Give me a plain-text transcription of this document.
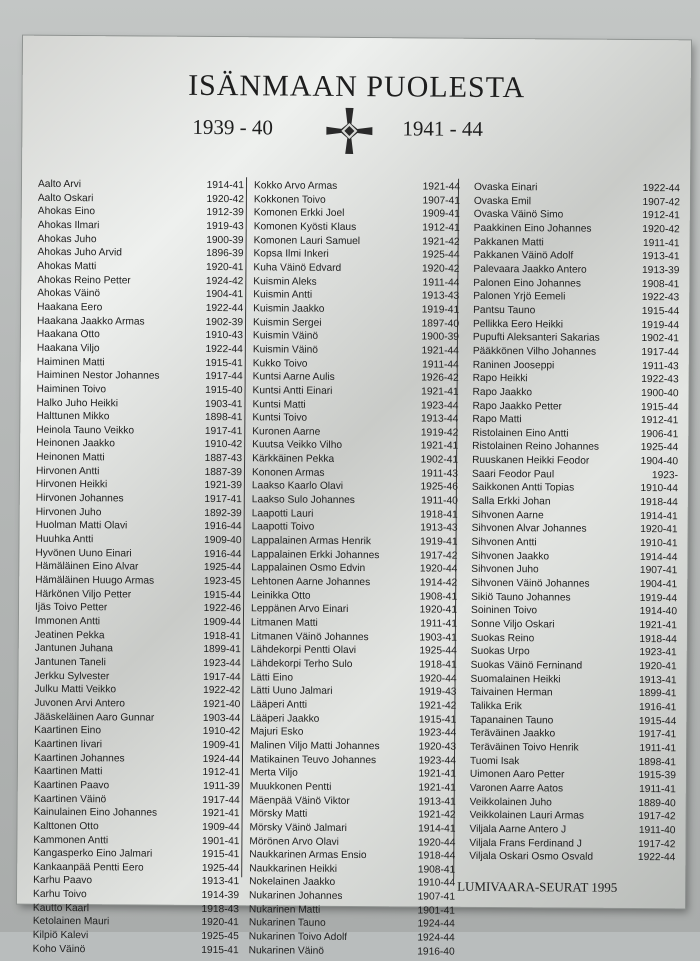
ISÄNMAAN PUOLESTA
1939 - 40	1941 - 44
Aalto Arvi	1914-41
Aalto Oskari	1920-42
Ahokas Eino	1912-39
Ahokas Ilmari	1919-43
Ahokas Juho	1900-39
Ahokas Juho Arvid	1896-39
Ahokas Matti	1920-41
Ahokas Reino Petter	1924-42
Ahokas Väinö	1904-41
Haakana Eero	1922-44
Haakana Jaakko Armas	1902-39
Haakana Otto	1910-43
Haakana Viljo	1922-44
Haiminen Matti	1915-41
Haiminen Nestor Johannes	1917-44
Haiminen Toivo	1915-40
Halko Juho Heikki	1903-41
Halttunen Mikko	1898-41
Heinola Tauno Veikko	1917-41
Heinonen Jaakko	1910-42
Heinonen Matti	1887-43
Hirvonen Antti	1887-39
Hirvonen Heikki	1921-39
Hirvonen Johannes	1917-41
Hirvonen Juho	1892-39
Huolman Matti Olavi	1916-44
Huuhka Antti	1909-40
Hyvönen Uuno Einari	1916-44
Hämäläinen Eino Alvar	1925-44
Hämäläinen Huugo Armas	1923-45
Härkönen Viljo Petter	1915-44
Ijäs Toivo Petter	1922-46
Immonen Antti	1909-44
Jeatinen Pekka	1918-41
Jantunen Juhana	1899-41
Jantunen Taneli	1923-44
Jerkku Sylvester	1917-44
Julku Matti Veikko	1922-42
Juvonen Arvi Antero	1921-40
Jääskeläinen Aaro Gunnar	1903-44
Kaartinen Eino	1910-42
Kaartinen Iivari	1909-41
Kaartinen Johannes	1924-44
Kaartinen Matti	1912-41
Kaartinen Paavo	1911-39
Kaartinen Väinö	1917-44
Kainulainen Eino Johannes	1921-41
Kalttonen Otto	1909-44
Kammonen Antti	1901-41
Kangasperko Eino Jalmari	1915-41
Kankaanpää Pentti Eero	1925-44
Karhu Paavo	1913-41
Karhu Toivo	1914-39
Kautto Kaarl	1918-43
Ketolainen Mauri	1920-41
Kilpiö Kalevi	1925-45
Koho Väinö	1915-41
Kokko Arvo Armas	1921-44
Kokkonen Toivo	1907-41
Komonen Erkki Joel	1909-41
Komonen Kyösti Klaus	1912-41
Komonen Lauri Samuel	1921-42
Kopsa Ilmi Inkeri	1925-44
Kuha Väinö Edvard	1920-42
Kuismin Aleks	1911-44
Kuismin Antti	1913-43
Kuismin Jaakko	1919-41
Kuismin Sergei	1897-40
Kuismin Väinö	1900-39
Kuismin Väinö	1921-44
Kukko Toivo	1911-44
Kuntsi Aarne Aulis	1926-42
Kuntsi Antti Einari	1921-41
Kuntsi Matti	1923-44
Kuntsi Toivo	1913-44
Kuronen Aarne	1919-42
Kuutsa Veikko Vilho	1921-41
Kärkkäinen Pekka	1902-41
Kononen Armas	1911-43
Laakso Kaarlo Olavi	1925-46
Laakso Sulo Johannes	1911-40
Laapotti Lauri	1918-41
Laapotti Toivo	1913-43
Lappalainen Armas Henrik	1919-41
Lappalainen Erkki Johannes	1917-42
Lappalainen Osmo Edvin	1920-44
Lehtonen Aarne Johannes	1914-42
Leinikka Otto	1908-41
Leppänen Arvo Einari	1920-41
Litmanen Matti	1911-41
Litmanen Väinö Johannes	1903-41
Lähdekorpi Pentti Olavi	1925-44
Lähdekorpi Terho Sulo	1918-41
Lätti Eino	1920-44
Lätti Uuno Jalmari	1919-43
Lääperi Antti	1921-42
Lääperi Jaakko	1915-41
Majuri Esko	1923-44
Malinen Viljo Matti Johannes	1920-43
Matikainen Teuvo Johannes	1923-44
Merta Viljo	1921-41
Muukkonen Pentti	1921-41
Mäenpää Väinö Viktor	1913-41
Mörsky Matti	1921-42
Mörsky Väinö Jalmari	1914-41
Mörönen Arvo Olavi	1920-44
Naukkarinen Armas Ensio	1918-44
Naukkarinen Heikki	1908-41
Nokelainen Jaakko	1910-44
Nukarinen Johannes	1907-41
Nukarinen Matti	1901-41
Nukarinen Tauno	1924-44
Nukarinen Toivo Adolf	1924-44
Nukarinen Väinö	1916-40
Ovaska Einari	1922-44
Ovaska Emil	1907-42
Ovaska Väinö Simo	1912-41
Paakkinen Eino Johannes	1920-42
Pakkanen Matti	1911-41
Pakkanen Väinö Adolf	1913-41
Palevaara Jaakko Antero	1913-39
Palonen Eino Johannes	1908-41
Palonen Yrjö Eemeli	1922-43
Pantsu Tauno	1915-44
Pellikka Eero Heikki	1919-44
Pupufti Aleksanteri Sakarias	1902-41
Pääkkönen Vilho Johannes	1917-44
Raninen Jooseppi	1911-43
Rapo Heikki	1922-43
Rapo Jaakko	1900-40
Rapo Jaakko Petter	1915-44
Rapo Matti	1912-41
Ristolainen Eino Antti	1906-41
Ristolainen Reino Johannes	1925-44
Ruuskanen Heikki Feodor	1904-40
Saari Feodor Paul	1923-
Saikkonen Antti Topias	1910-44
Salla Erkki Johan	1918-44
Sihvonen Aarne	1914-41
Sihvonen Alvar Johannes	1920-41
Sihvonen Antti	1910-41
Sihvonen Jaakko	1914-44
Sihvonen Juho	1907-41
Sihvonen Väinö Johannes	1904-41
Sikiö Tauno Johannes	1919-44
Soininen Toivo	1914-40
Sonne Viljo Oskari	1921-41
Suokas Reino	1918-44
Suokas Urpo	1923-41
Suokas Väinö Ferninand	1920-41
Suomalainen Heikki	1913-41
Taivainen Herman	1899-41
Talikka Erik	1916-41
Tapanainen Tauno	1915-44
Teräväinen Jaakko	1917-41
Teräväinen Toivo Henrik	1911-41
Tuomi Isak	1898-41
Uimonen Aaro Petter	1915-39
Varonen Aarre Aatos	1911-41
Veikkolainen Juho	1889-40
Veikkolainen Lauri Armas	1917-42
Viljala Aarne Antero J	1911-40
Viljala Frans Ferdinand J	1917-42
Viljala Oskari Osmo Osvald	1922-44
LUMIVAARA-SEURAT 1995
